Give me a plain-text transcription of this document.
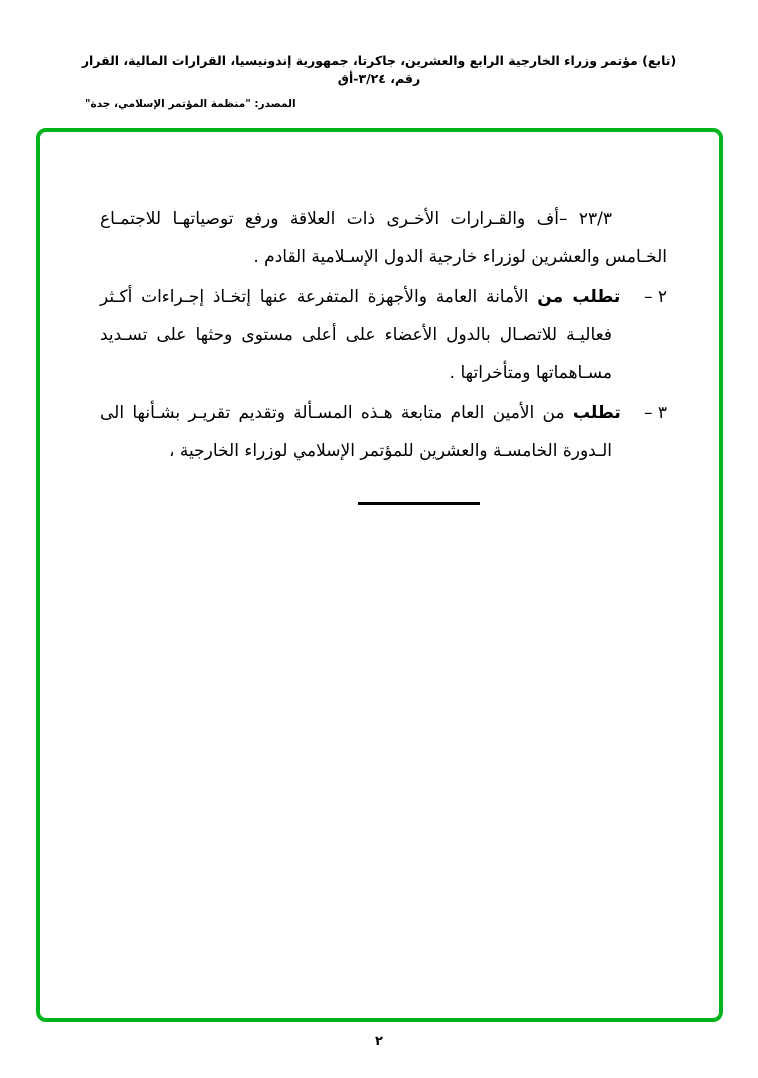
(تابع) مؤتمر وزراء الخارجية الرابع والعشرين، جاكرتا، جمهورية إندونيسيا، القرارات المالية، القرار رقم، ٣/٢٤-أق
المصدر: "منظمة المؤتمر الإسلامي، جدة"

٢٣/٣ –أف والقـرارات الأخـرى ذات العلاقة ورفع توصياتهـا للاجتمـاع الخـامس والعشرين لوزراء خارجية الدول الإسـلامية القادم .

٢ – تطلب من الأمانة العامة والأجهزة المتفرعة عنها إتخـاذ إجـراءات أكـثر فعاليـة للاتصـال بالدول الأعضاء على أعلى مستوى وحثها على تسـديد مسـاهماتها ومتأخراتها .

٣ – تطلب من الأمين العام متابعة هـذه المسـألة وتقديم تقريـر بشـأنها الى الـدورة الخامسـة والعشرين للمؤتمر الإسلامي لوزراء الخارجية ،

٢
